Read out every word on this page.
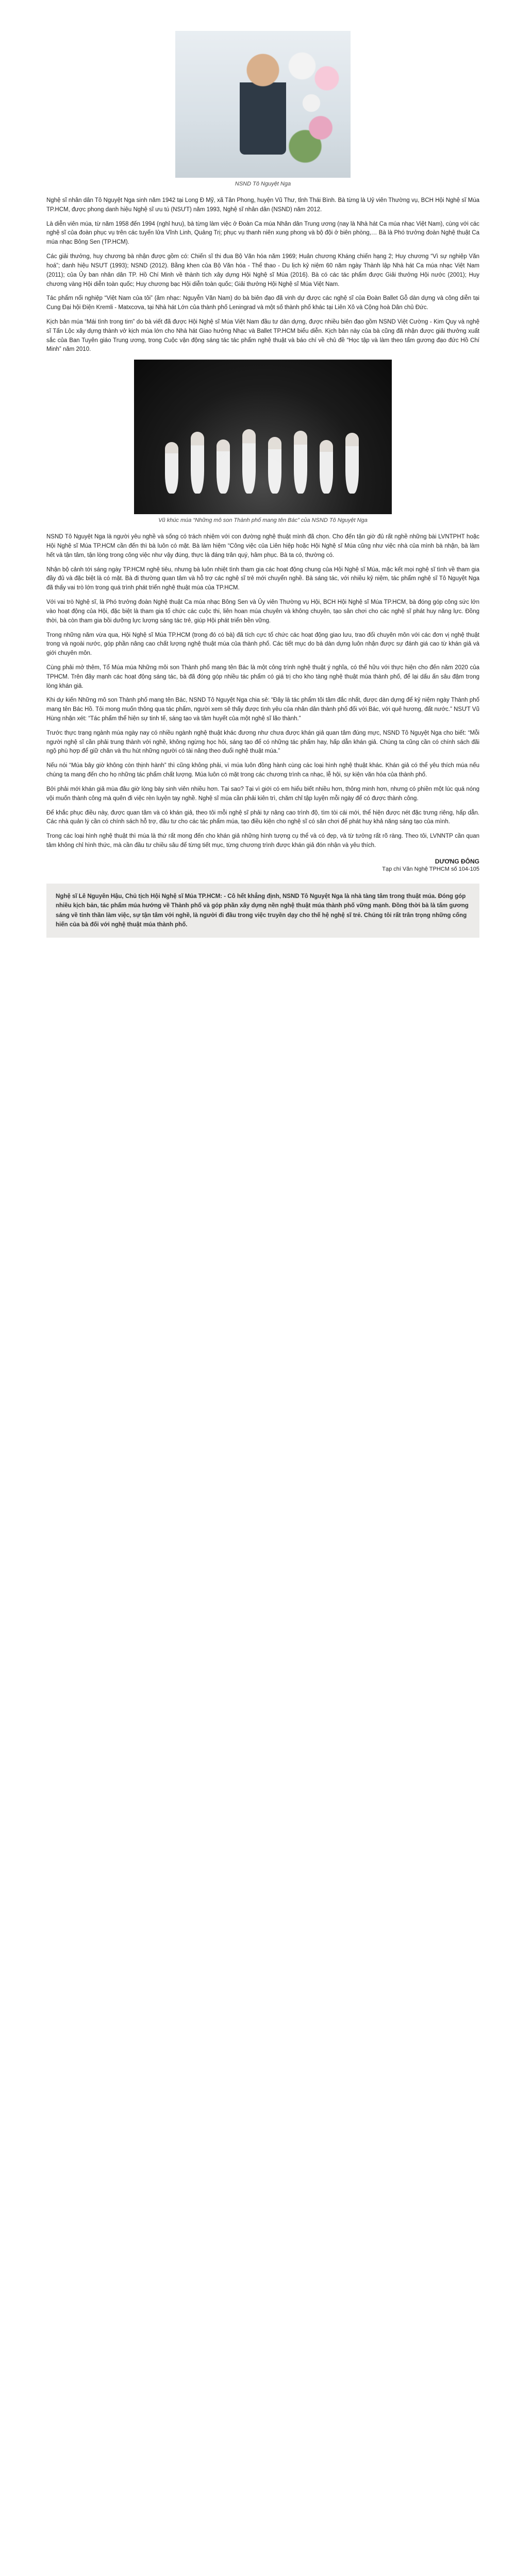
NSND Tô Nguyệt Nga

Nghệ sĩ nhân dân Tô Nguyệt Nga sinh năm 1942 tại Long Đ Mỹ, xã Tân Phong, huyện Vũ Thư, tỉnh Thái Bình. Bà từng là Uỷ viên Thường vụ, BCH Hội Nghệ sĩ Múa TP.HCM, được phong danh hiệu Nghệ sĩ ưu tú (NSƯT) năm 1993, Nghệ sĩ nhân dân (NSND) năm 2012.

Là diễn viên múa, từ năm 1958 đến 1994 (nghỉ hưu), bà từng làm việc ở Đoàn Ca múa Nhân dân Trung ương (nay là Nhà hát Ca múa nhạc Việt Nam), cùng với các nghệ sĩ của đoàn phục vụ trên các tuyến lửa Vĩnh Linh, Quảng Trị; phục vụ thanh niên xung phong và bộ đội ở biên phòng,… Bà là Phó trưởng đoàn Nghệ thuật Ca múa nhạc Bông Sen (TP.HCM).

Các giải thưởng, huy chương bà nhận được gồm có: Chiến sĩ thi đua Bộ Văn hóa năm 1969; Huân chương Kháng chiến hạng 2; Huy chương “Vì sự nghiệp Văn hoá”; danh hiệu NSƯT (1993); NSND (2012). Bằng khen của Bộ Văn hóa - Thể thao - Du lịch kỷ niệm 60 năm ngày Thành lập Nhà hát Ca múa nhạc Việt Nam (2011); của Ủy ban nhân dân TP. Hồ Chí Minh về thành tích xây dựng Hội Nghệ sĩ Múa (2016). Bà có các tác phẩm được Giải thưởng Hội nước (2001); Huy chương vàng Hội diễn toàn quốc; Huy chương bạc Hội diễn toàn quốc; Giải thưởng Hội Nghệ sĩ Múa Việt Nam.

Tác phẩm nổi nghiệp “Việt Nam của tôi” (âm nhạc: Nguyễn Văn Nam) do bà biên đạo đã vinh dự được các nghệ sĩ của Đoàn Ballet Gỗ dàn dựng và công diễn tại Cung Đại hội Điện Kremli - Matxcơva, tại Nhà hát Lớn của thành phố Leningrad và một số thành phố khác tại Liên Xô và Cộng hoà Dân chủ Đức.

Kịch bản múa “Mái tình trong tim” do bà viết đã được Hội Nghệ sĩ Múa Việt Nam đầu tư dàn dựng, được nhiều biên đạo gồm NSND Việt Cường - Kim Quy và nghệ sĩ Tấn Lộc xây dựng thành vở kịch múa lớn cho Nhà hát Giao hưởng Nhạc và Ballet TP.HCM biểu diễn. Kịch bản này của bà cũng đã nhận được giải thưởng xuất sắc của Ban Tuyên giáo Trung ương, trong Cuộc vận động sáng tác tác phẩm nghệ thuật và báo chí về chủ đề “Học tập và làm theo tấm gương đạo đức Hồ Chí Minh” năm 2010.

Vũ khúc múa “Những mô son Thành phố mang tên Bác” của NSND Tô Nguyệt Nga

NSND Tô Nguyệt Nga là người yêu nghề và sống có trách nhiệm với con đường nghệ thuật mình đã chọn. Cho đến tận giờ đủ rất nghề những bài LVNTPHT hoặc Hội Nghệ sĩ Múa TP.HCM cần đến thì bà luôn có mặt. Bà làm hiệm “Công việc của Liên hiệp hoặc Hội Nghệ sĩ Múa cũng như việc nhà của mình bà nhận, bà làm hết và tận tâm, tận lòng trong công việc như vậy đúng, thực là đáng trân quý, hâm phục. Bà ta có, thường có.

Nhận bộ cảnh tới sáng ngày TP.HCM nghệ tiêu, nhưng bà luôn nhiệt tình tham gia các hoạt động chung của Hội Nghệ sĩ Múa, mặc kết mọi nghệ sĩ tình về tham gia đầy đủ và đặc biệt là có mặt. Bà đi thường quan tâm và hỗ trợ các nghệ sĩ trẻ mới chuyển nghề. Bà sáng tác, với nhiều kỷ niệm, tác phẩm nghệ sĩ Tô Nguyệt Nga đã thấy vai trò lớn trong quá trình phát triển nghệ thuật múa của TP.HCM.

Với vai trò Nghệ sĩ, là Phó trưởng đoàn Nghệ thuật Ca múa nhạc Bông Sen và Ủy viên Thường vụ Hội, BCH Hội Nghệ sĩ Múa TP.HCM, bà đóng góp công sức lớn vào hoạt động của Hội, đặc biệt là tham gia tổ chức các cuộc thi, liên hoan múa chuyên và không chuyên, tạo sân chơi cho các nghệ sĩ phát huy năng lực. Đồng thời, bà còn tham gia bồi dưỡng lực lượng sáng tác trẻ, giúp Hội phát triển bền vững.

Trong những năm vừa qua, Hội Nghệ sĩ Múa TP.HCM (trong đó có bà) đã tích cực tổ chức các hoạt động giao lưu, trao đổi chuyên môn với các đơn vị nghệ thuật trong và ngoài nước, góp phần nâng cao chất lượng nghệ thuật múa của thành phố. Các tiết mục do bà dàn dựng luôn nhận được sự đánh giá cao từ khán giả và giới chuyên môn.

Cùng phải mở thêm, Tổ Múa múa Những môi son Thành phố mang tên Bác là một công trình nghệ thuật ý nghĩa, có thể hữu với thực hiện cho đến năm 2020 của TPHCM. Trên đây mạnh các hoạt động sáng tác, bà đã đóng góp nhiều tác phẩm có giá trị cho kho tàng nghệ thuật múa thành phố, để lại dấu ấn sâu đậm trong lòng khán giả.

Khi dự kiến Những mô son Thành phố mang tên Bác, NSND Tô Nguyệt Nga chia sẻ: “Đây là tác phẩm tôi tâm đắc nhất, được dàn dựng để kỷ niệm ngày Thành phố mang tên Bác Hồ. Tôi mong muốn thông qua tác phẩm, người xem sẽ thấy được tình yêu của nhân dân thành phố đối với Bác, với quê hương, đất nước.” NSƯT Vũ Hùng nhận xét: “Tác phẩm thể hiện sự tinh tế, sáng tạo và tâm huyết của một nghệ sĩ lão thành.”

Trước thực trạng ngành múa ngày nay có nhiều ngành nghệ thuật khác đương như chưa được khán giả quan tâm đúng mực, NSND Tô Nguyệt Nga cho biết: “Mỗi người nghệ sĩ cần phải trung thành với nghề, không ngừng học hỏi, sáng tạo để có những tác phẩm hay, hấp dẫn khán giả. Chúng ta cũng cần có chính sách đãi ngộ phù hợp để giữ chân và thu hút những người có tài năng theo đuổi nghệ thuật múa.”

Nếu nói “Múa bây giờ không còn thịnh hành” thì cũng không phải, vì múa luôn đồng hành cùng các loại hình nghệ thuật khác. Khán giả có thể yêu thích múa nếu chúng ta mang đến cho họ những tác phẩm chất lượng. Múa luôn có mặt trong các chương trình ca nhạc, lễ hội, sự kiện văn hóa của thành phố.

Bởi phải mới khán giả mùa đâu giờ lòng bày sinh viên nhiều hơn. Tại sao? Tại vì giới có em hiểu biết nhiều hơn, thông minh hơn, nhưng có phiền một lúc quá nóng vội muốn thành công mà quên đi việc rèn luyện tay nghề. Nghệ sĩ múa cần phải kiên trì, chăm chỉ tập luyện mỗi ngày để có được thành công.

Để khắc phục điều này, được quan tâm và có khán giả, theo tôi mỗi nghệ sĩ phải tự nâng cao trình độ, tìm tòi cái mới, thể hiện được nét đặc trưng riêng, hấp dẫn. Các nhà quản lý cần có chính sách hỗ trợ, đầu tư cho các tác phẩm múa, tạo điều kiện cho nghệ sĩ có sân chơi để phát huy khả năng sáng tạo của mình.

Trong các loại hình nghệ thuật thì múa là thứ rất mong đến cho khán giả những hình tượng cụ thể và có đẹp, và từ tưởng rất rõ ràng. Theo tôi, LVNNTP cần quan tâm không chỉ hình thức, mà cần đầu tư chiều sâu để từng tiết mục, từng chương trình được khán giả đón nhận và yêu thích.

DƯƠNG ĐÔNG
Tạp chí Văn Nghệ TPHCM số 104-105
Nghệ sĩ Lê Nguyên Hậu, Chủ tịch Hội Nghệ sĩ Múa TP.HCM: - Cô hết khẳng định, NSND Tô Nguyệt Nga là nhà tàng tâm trong thuật múa. Đóng góp nhiều kịch bản, tác phẩm múa hướng về Thành phố và góp phần xây dựng nền nghệ thuật múa thành phố vững mạnh. Đồng thời bà là tấm gương sáng về tinh thần làm việc, sự tận tâm với nghề, là người đi đầu trong việc truyền dạy cho thế hệ nghệ sĩ trẻ. Chúng tôi rất trân trọng những cống hiến của bà đối với nghệ thuật múa thành phố.
